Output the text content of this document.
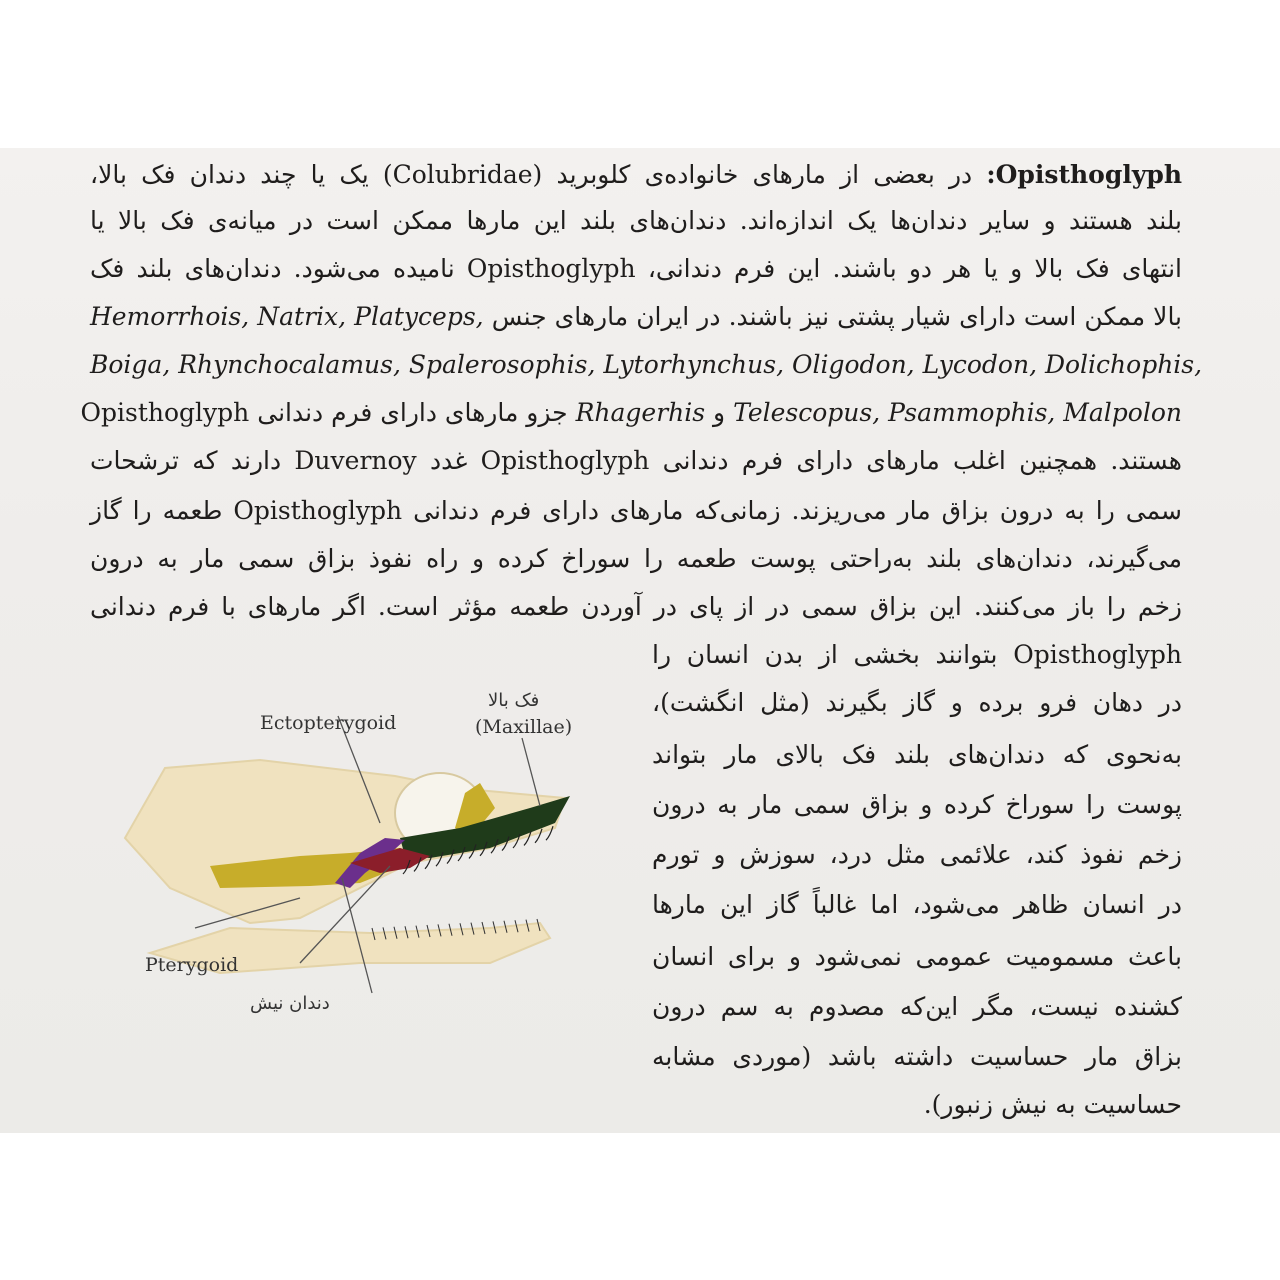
Opisthoglyph: در بعضی از مارهای خانواده‌ی کلوبرید (Colubridae) یک یا چند دندان فک بالا،
بلند هستند و سایر دندان‌ها یک اندازه‌اند. دندان‌های بلند این مارها ممکن است در میانه‌ی فک بالا یا
انتهای فک بالا و یا هر دو باشند. این فرم دندانی، Opisthoglyph نامیده می‌شود. دندان‌های بلند فک
بالا ممکن است دارای شیار پشتی نیز باشند. در ایران مارهای جنس Hemorrhois, Natrix, Platyceps,
Boiga, Rhynchocalamus, Spalerosophis, Lytorhynchus, Oligodon, Lycodon, Dolichophis,
Telescopus, Psammophis, Malpolon و Rhagerhis جزو مارهای دارای فرم دندانی Opisthoglyph
هستند. همچنین اغلب مارهای دارای فرم دندانی Opisthoglyph غدد Duvernoy دارند که ترشحات
سمی را به درون بزاق مار می‌ریزند. زمانی‌که مارهای دارای فرم دندانی Opisthoglyph طعمه را گاز
می‌گیرند، دندان‌های بلند به‌راحتی پوست طعمه را سوراخ کرده و راه نفوذ بزاق سمی مار به درون
زخم را باز می‌کنند. این بزاق سمی در از پای در آوردن طعمه مؤثر است. اگر مارهای با فرم دندانی
Opisthoglyph بتوانند بخشی از بدن انسان را
در دهان فرو برده و گاز بگیرند (مثل انگشت)،
به‌نحوی که دندان‌های بلند فک بالای مار بتواند
پوست را سوراخ کرده و بزاق سمی مار به درون
زخم نفوذ کند، علائمی مثل درد، سوزش و تورم
در انسان ظاهر می‌شود، اما غالباً گاز این مارها
باعث مسمومیت عمومی نمی‌شود و برای انسان
کشنده نیست، مگر این‌که مصدوم به سم درون
بزاق مار حساسیت داشته باشد (موردی مشابه
حساسیت به نیش زنبور).
Ectopterygoid
فک بالا
(Maxillae)
Pterygoid
دندان نیش
